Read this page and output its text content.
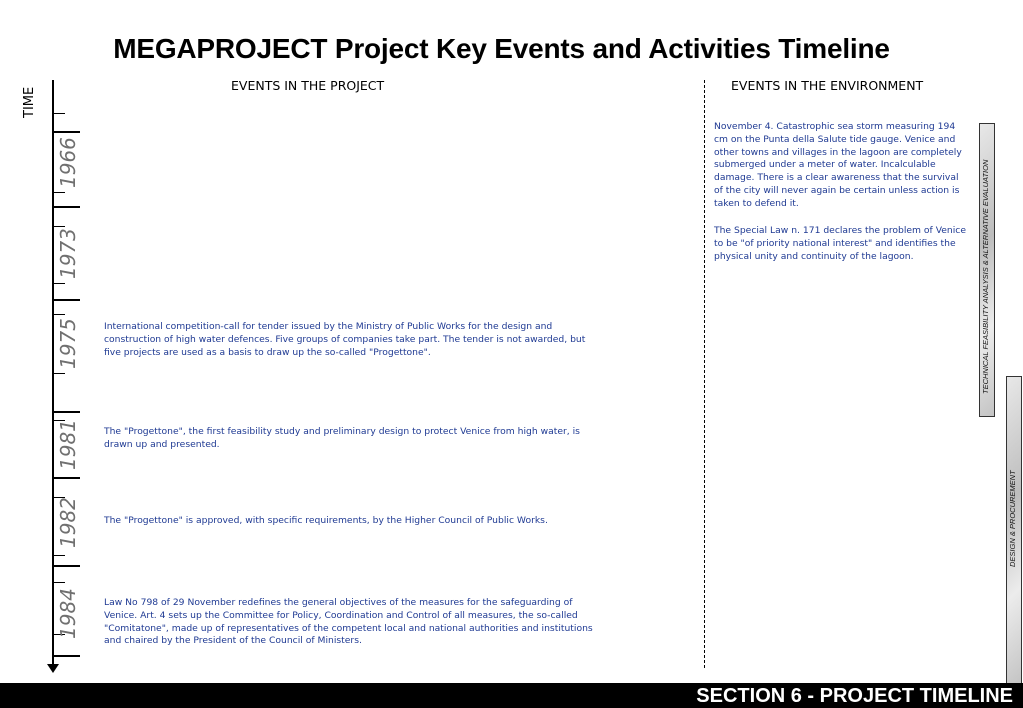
MEGAPROJECT Project Key Events and Activities Timeline
TIME
1966
1973
1975
1981
1982
1984
EVENTS IN THE PROJECT	EVENTS IN THE ENVIRONMENT
International competition-call for tender issued by the Ministry of Public Works for the design and construction of high water defences. Five groups of companies take part. The tender is not awarded, but five projects are used as a basis to draw up the so-called "Progettone".
The "Progettone", the first feasibility study and preliminary design to protect Venice from high water, is drawn up and presented.
The "Progettone" is approved, with specific requirements, by the Higher Council of Public Works.
Law No 798 of 29 November redefines the general objectives of the measures for the safeguarding of Venice. Art. 4 sets up the Committee for Policy, Coordination and Control of all measures, the so-called "Comitatone", made up of representatives of the competent local and national authorities and institutions and chaired by the President of the Council of Ministers.
November 4. Catastrophic sea storm measuring 194 cm on the Punta della Salute tide gauge. Venice and other towns and villages in the lagoon are completely submerged under a meter of water. Incalculable damage. There is a clear awareness that the survival of the city will never again be certain unless action is taken to defend it.
The Special Law n. 171 declares the problem of Venice to be "of priority national interest" and identifies the physical unity and continuity of the lagoon.	TECHNICAL FEASIBILITY ANALYSIS & ALTERNATIVE EVALUATION
DESIGN & PROCUREMENT
SECTION 6 - PROJECT TIMELINE
